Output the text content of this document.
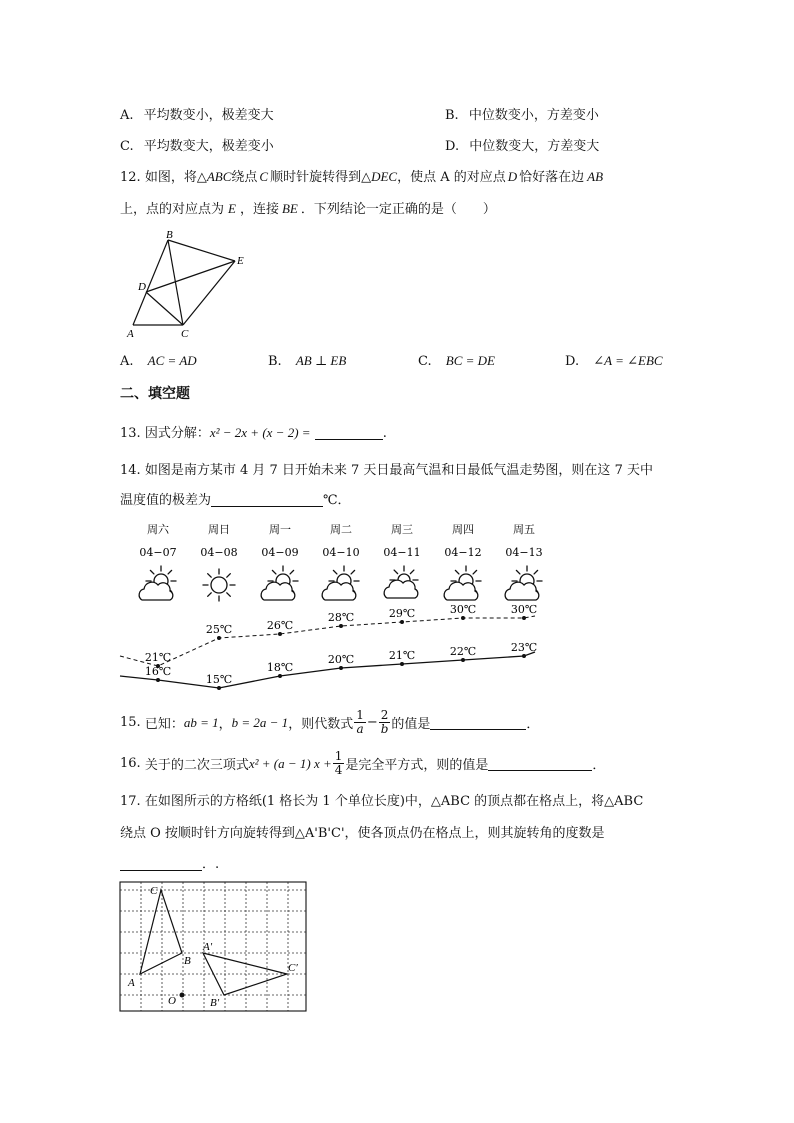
A. 平均数变小，极差变大	B. 中位数变小，方差变小
C. 平均数变大，极差变小	D. 中位数变大，方差变大
12. 如图，将△ABC绕点 C 顺时针旋转得到△DEC，使点 A 的对应点 D 恰好落在边 AB
上，点的对应点为 E ，连接 BE ．下列结论一定正确的是（　　）
B
E
D
A	C
A. AC = AD	B. AB ⊥ EB	C. BC = DE	D. ∠A = ∠EBC
二、填空题
13. 因式分解：x² − 2x + (x − 2) =	.
14. 如图是南方某市 4 月 7 日开始未来 7 天日最高气温和日最低气温走势图，则在这 7 天中
温度值的极差为	℃．
周六
04−07
周日
04−08
周一
04−09
周二
04−10
周三
04−11
周四
04−12
周五
04−13
21℃
25℃	26℃
28℃	29℃	30℃	30℃
16℃
15℃
18℃
20℃	21℃	22℃	23℃
15.
已知： ab = 1 ， b = 2a − 1 ，则代数式 $\frac{1}{a} - \frac{2}{b}$ 的值是	．
16.
关于的二次三项式 x² + (a − 1) $x + \frac{1}{4}$ 是完全平方式，则的值是	．
17. 在如图所示的方格纸(1 格长为 1 个单位长度)中，△ABC 的顶点都在格点上，将△ABC
绕点 O 按顺时针方向旋转得到△A'B'C'，使各顶点仍在格点上，则其旋转角的度数是
．.
C
B
A
O
A′
C′
B′
